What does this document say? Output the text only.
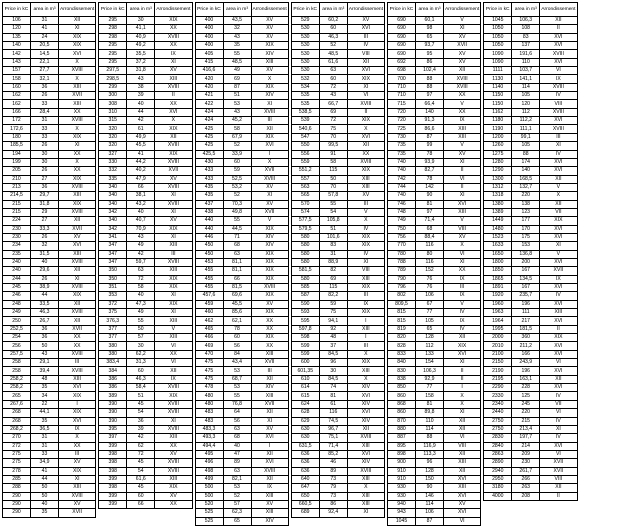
Price in kC	area in m³	Arrondissement
106	31	XII
120	41	XI
135	24	XIX
140	20,5	XIX
142	14,5	XVI
143	22,1	X
157	27,7	XVIII
158	32,1	X
160	36	XIII
162	26	XVII
162	33	XIII
166	28,4	XX
172	31	XVIII
172,6	33	X
180	33	XIX
185,5	26	XI
194	30	XX
199	30	X
205	26	XX
210	27	XIX
213	36	XVIII
214,5	29,7	XIII
215	31,8	XIX
215	29	XVIII
224	27	XII
230	33,3	XVII
230	26	XV
234	32	XVI
235	31,5	XIII
240	40	XVIII
240	29,6	XII
244	26	XI
245	38,9	XVIII
246	44	XIX
248	33,5	XII
249	46,3	XVIII
250	26,7	XII
252,5	36	XVII
254	36	XX
256	50	XX
257,5	43	XVIII
258	29,1	III
258	39,4	XVIII
258,2	48	XIII
258,2	35	XVI
265	34	XIX
267,6	22	I
268	44,1	XIX
268	35	XVI
268,2	36,5	IX
270	31	X
272	31	XX
275	33	III
275	34,9	XV
278	41	XIX
285	44	XI
288	50	XIII
290	50	XVIII
290	40	XV
290	35	XVII
Price in kC	area in m³	Arrondissement
295	30	XIX
298	41,1	XX
298	40,9	XVIII
295	49,2	XX
295	35,5	IX
295	37,2	XI
297,5	31,8	XV
298,5	43	XIII
299	38	XVIII
300	39	II
308	40	XX
310	44	XVI
315	42	X
320	61	XIX
320	49,9	XII
320	45,5	XVIII
327	41	XIX
330	44,2	XVIII
332	40,2	XVII
335	47,9	XV
340	66	XVIII
340	38,1	XI
340	43,2	XVIII
342	40	XI
340	40,7	XV
342	70,9	XIX
341	43	XI
347	49	XIII
347	42	III
347	59,7	XVIII
350	63	XIII
350	72	XIX
351	58	XIX
353	40	XI
372	47,3	XIX
375	49	XI
376,3	55	XIII
377	50	V
377	57	XIII
380	30	VI
380	62,2	XX
383,4	31,3	VI
384	60	XII
386	46,3	IX
386	58,4	XVIII
389	51	XIX
390	45	XVIII
390	54	XVIII
390	36	XI
395	39	XVIII
397	42	XIII
399	62	XX
398	72	XV
398	45	XVIII
398	54	XVIII
399	61,6	XIII
398	45	XIX
399	60	XV
399	66	XX
Price in kC	area in m³	Arrondissement
400	43,5	XV
400	32	XV
400	43	XV
400	35	XIX
405	55	XIV
415	48,5	XIII
416,6	49	XV
420	69	X
420	87	XIX
421	51	XIV
422	53	XI
424	43	XVIII
424	45,2	III
425	58	XII
425	67,9	XIX
425	52	XVI
425,5	33,9	I
430	60	X
433	59	XVII
433	52,5	XVIII
435	53,2	XV
435	52	XI
437	70,3	XV
438	49,8	XVII
440	55	V
440	44,5	XIX
446	71	XIV
450	68	XIV
450	63	XIX
453	81,1	XIX
455	81,1	XIX
455	66	XIX
455	81,5	XVIII
457,6	69,6	XIX
459	45,5	XV
460	85,6	XIX
462	62,1	XX
465	78	XX
466	60	XIX
469	56	XX
470	84	XIII
475	43,4	XVII
475	53	III
475	68,7	XII
478	53	XIV
480	55	XIII
480	76,8	XVII
483	64	XII
483	56	XI
483,3	63	XV
493,3	68	XVI
494,4	40	I
495	47	XII
496	89	XVI
498	63	XVIII
499	82,1	XII
500	53	IX
500	52	XIII
520	57	XV
525	62,3	XIII
525	65	XIV
Price in kC	area in m³	Arrondissement
529	60,2	XV
530	60	XVI
530	46,3	III
530	52	IV
530	48,5	VIII
530	61,6	XII
530	63	XVI
532	60	XIX
534	72	XI
535	43	VI
535	66,7	XVIII
538,5	69	II
539	72	XIX
540,6	75	X
547	70	XVI
550	99,5	XII
556	91	XX
559	58	XVIII
551,2	115	XIX
557	50	XIII
563	70	XIII
565	57,8	XV
570	55	III
574	54	V
577,5	105,8	X
579,5	51	IV
580	101,6	XIX
580	83	XIX
580	31	IV
580	88,9	XI
581,5	82	VIII
580	69	XIII
585	115	XIX
587	82,2	III
590	59	IX
593	75	XIX
595	94,1	I
597,8	92	XIII
598	48	I
599	37	III
599	84,5	X
600	96	XIX
601,35	30	XIII
610	84,5	X
614	74	XIV
615	81	XVI
624	61	XIV
628	116	XVI
629	74,5	XIV
630	96,7	XII
630	75,1	XVIII
631,5	71,4	XIII
636	85,2	XVI
636	46	XIV
636	89	XVIII
640	73	XIII
647	79	X
650	73	XIII
660,5	86	XIII
689	92,4	XI
Price in kC	area in m³	Arrondissement
690	60,1	V
690	98	XI
690	65	XV
690	93,7	XVII
690	95	XV
692	86	XV
698	102,4	XII
700	88	XVIII
710	88	XVIII
710	97	XX
715	66,4	V
720	140	XX
720	91,3	IX
725	86,6	XIII
730	87	XIII
735	99	V
735	78	XV
740	93,9	XI
740	82,7	II
742	78	VI
744	142	II
740	90	XI
746	81	XVI
748	97	XIII
749	71,4	V
750	68	VIII
756	88,4	XV
770	116	X
780	80	VI
788	116	XI
789	152	XX
790	76	IX
796	76	III
802	106	IX
809,5	67	V
815	77	IV
815	105	IX
819	65	IV
820	128	XII
828	112	XIX
833	133	XVI
840	154	XI
830	106,3	II
838	92,9	II
850	77	I
860	158	X
868	81	X
860	89,8	XI
870	110	XII
880	114	XII
887	88	VI
895	116,9	VIII
898	113,3	XII
900	96	XIII
910	128	XII
910	150	XVI
930	90	XIII
930	146	XVI
940	114	XV
943	106	XVI
1045	87	VI
Price in kC	area in m³	Arrondissement
1045	106,3	XII
1050	108	II
1050	83	XVI
1050	137	XVI
1090	191,6	XVIII
1090	110	XVI
1111	103,7	VI
1130	141,1	IX
1140	114	XVIII
1150	105	IV
1150	120	VIII
1162	112	XVIII
1180	112,2	XVI
1190	111,1	XVIII
1200	99,1	III
1260	105	XI
1275	88	IV
1280	174	XVI
1290	140	XVI
1300	168,5	XII
1312	132,7	V
1318	220	X
1380	138	XII
1389	123	VII
1449	177	XIX
1480	170	XVI
1523	175	XVI
1633	153	XI
1650	136,8	V
1800	200	XVI
1850	167	XVII
1865	134,5	IX
1891	167	XVI
1920	235,7	IV
1960	196	XVI
1963	111	XIII
1964	217	XVI
1995	181,5	II
2000	360	XIX
2010	211,2	XVI
2100	166	XVI
2150	243,9	VI
2190	196	XVI
2195	163,1	XII
2290	228	XVI
2330	125	IV
2340	245	VII
2440	220	VI
2750	215	IV
2750	213,4	XI
2830	197,7	IV
2840	214	XVI
2863	209	VI
2890	230	XVII
2940	261,7	XVII
2950	266	VIII
3180	263	XII
4000	208	II
